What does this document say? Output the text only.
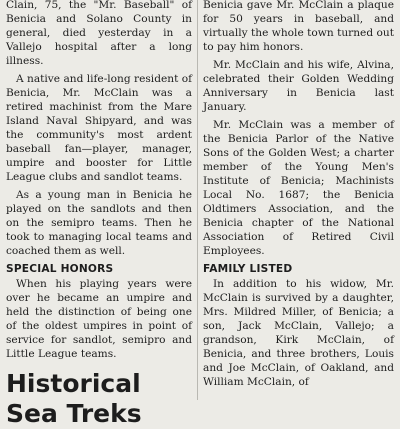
Clain, 75, the "Mr. Baseball" of Benicia and Solano County in general, died yesterday in a Vallejo hospital after a long illness.

A native and life-long resident of Benicia, Mr. McClain was a retired machinist from the Mare Island Naval Shipyard, and was the community's most ardent baseball fan—player, manager, umpire and booster for Little League clubs and sandlot teams.

As a young man in Benicia he played on the sandlots and then on the semipro teams. Then he took to managing local teams and coached them as well.

SPECIAL HONORS

When his playing years were over he became an umpire and held the distinction of being one of the oldest umpires in point of service for sandlot, semipro and Little League teams.

Historical
Sea Treks

Benicia gave Mr. McClain a plaque for 50 years in baseball, and virtually the whole town turned out to pay him honors.

Mr. McClain and his wife, Alvina, celebrated their Golden Wedding Anniversary in Benicia last January.

Mr. McClain was a member of the Benicia Parlor of the Native Sons of the Golden West; a charter member of the Young Men's Institute of Benicia; Machinists Local No. 1687; the Benicia Oldtimers Association, and the Benicia chapter of the National Association of Retired Civil Employees.

FAMILY LISTED

In addition to his widow, Mr. McClain is survived by a daughter, Mrs. Mildred Miller, of Benicia; a son, Jack McClain, Vallejo; a grandson, Kirk McClain, of Benicia, and three brothers, Louis and Joe McClain, of Oakland, and William McClain, of
